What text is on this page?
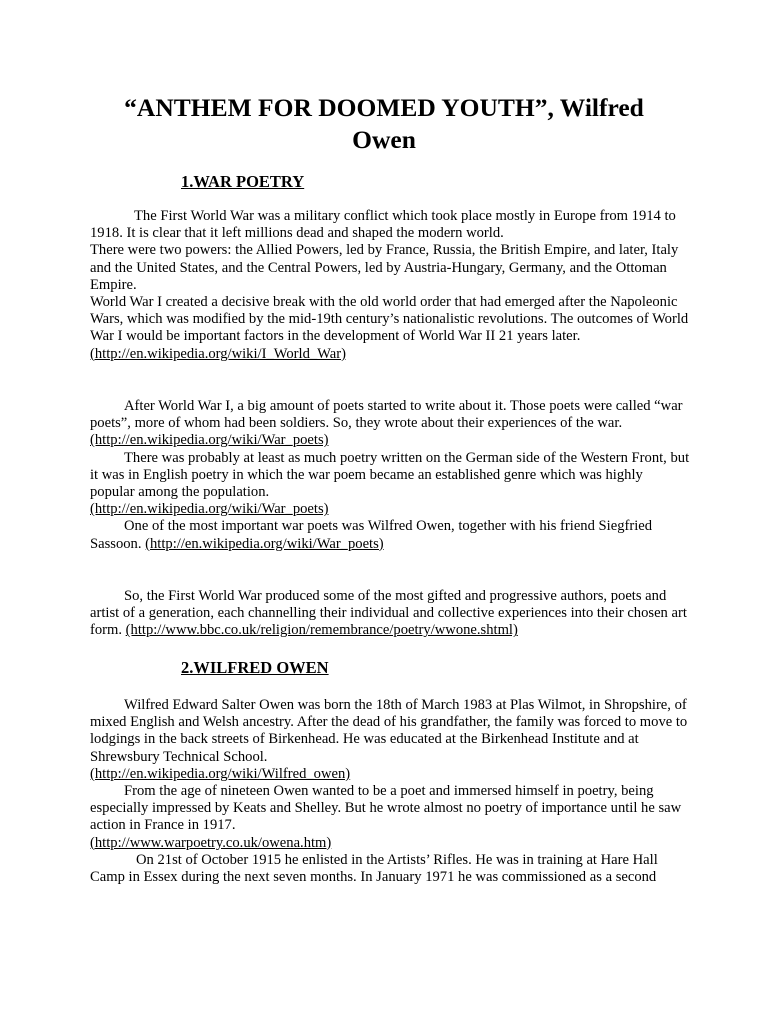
“ANTHEM FOR DOOMED YOUTH”, Wilfred Owen
1.WAR POETRY

The First World War was a military conflict which took place mostly in Europe from 1914 to 1918. It is clear that it left millions dead and shaped the modern world.

There were two powers: the Allied Powers, led by France, Russia, the British Empire, and later, Italy and the United States, and the Central Powers, led by Austria-Hungary, Germany, and the Ottoman Empire.

World War I created a decisive break with the old world order that had emerged after the Napoleonic Wars, which was modified by the mid-19th century’s nationalistic revolutions. The outcomes of World War I would be important factors in the development of World War II 21 years later.

(http://en.wikipedia.org/wiki/I_World_War)

After World War I, a big amount of poets started to write about it. Those poets were called “war poets”, more of whom had been soldiers. So, they wrote about their experiences of the war.

(http://en.wikipedia.org/wiki/War_poets)

There was probably at least as much poetry written on the German side of the Western Front, but it was in English poetry in which the war poem became an established genre which was highly popular among the population.

(http://en.wikipedia.org/wiki/War_poets)

One of the most important war poets was Wilfred Owen, together with his friend Siegfried Sassoon. (http://en.wikipedia.org/wiki/War_poets)

So, the First World War produced some of the most gifted and progressive authors, poets and artist of a generation, each channelling their individual and collective experiences into their chosen art form. (http://www.bbc.co.uk/religion/remembrance/poetry/wwone.shtml)

2.WILFRED OWEN

Wilfred Edward Salter Owen was born the 18th of March 1983 at Plas Wilmot, in Shropshire, of mixed English and Welsh ancestry. After the dead of his grandfather, the family was forced to move to lodgings in the back streets of Birkenhead. He was educated at the Birkenhead Institute and at Shrewsbury Technical School.

(http://en.wikipedia.org/wiki/Wilfred_owen)

From the age of nineteen Owen wanted to be a poet and immersed himself in poetry, being especially impressed by Keats and Shelley. But he wrote almost no poetry of importance until he saw action in France in 1917.

(http://www.warpoetry.co.uk/owena.htm)

On 21st of October 1915 he enlisted in the Artists’ Rifles. He was in training at Hare Hall Camp in Essex during the next seven months. In January 1971 he was commissioned as a second
